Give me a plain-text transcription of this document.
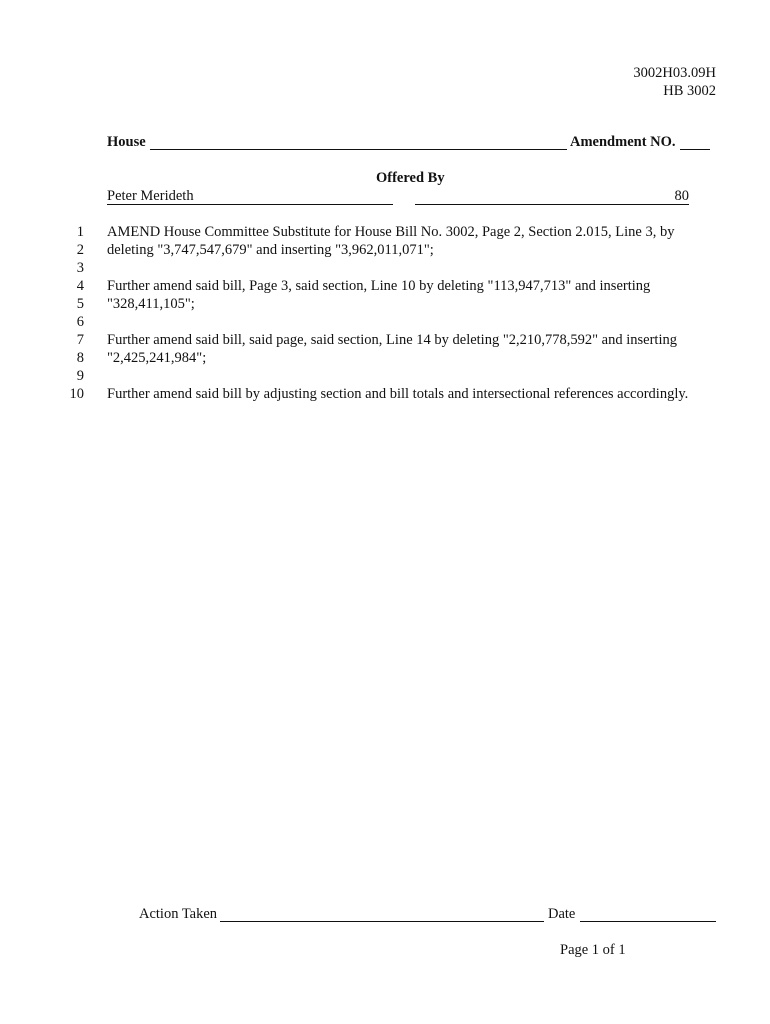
3002H03.09H
HB 3002
House	Amendment NO.
Offered By
Peter Merideth	80
1
2
3
4
5
6
7
8
9
10
AMEND House Committee Substitute for House Bill No. 3002, Page 2, Section 2.015, Line 3, by
deleting "3,747,547,679" and inserting "3,962,011,071";
Further amend said bill, Page 3, said section, Line 10 by deleting "113,947,713" and inserting
"328,411,105";
Further amend said bill, said page, said section, Line 14 by deleting "2,210,778,592" and inserting
"2,425,241,984";
Further amend said bill by adjusting section and bill totals and intersectional references accordingly.
Action Taken	Date
Page 1 of 1
